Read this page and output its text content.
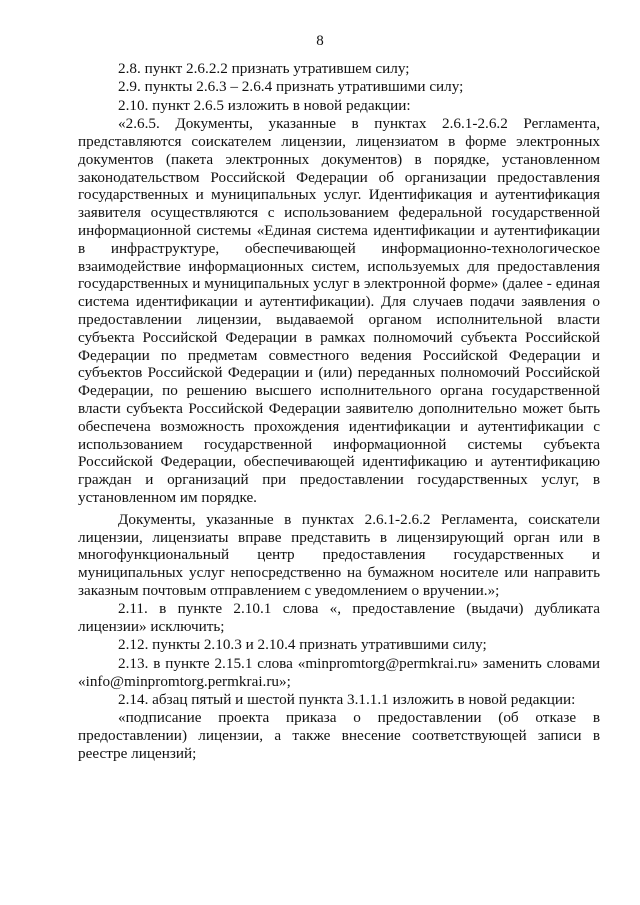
8

2.8. пункт 2.6.2.2 признать утратившем силу;

2.9. пункты 2.6.3 – 2.6.4 признать утратившими силу;

2.10. пункт 2.6.5 изложить в новой редакции:

«2.6.5. Документы, указанные в пунктах 2.6.1-2.6.2 Регламента, представляются соискателем лицензии, лицензиатом в форме электронных документов (пакета электронных документов) в порядке, установленном законодательством Российской Федерации об организации предоставления государственных и муниципальных услуг. Идентификация и аутентификация заявителя осуществляются с использованием федеральной государственной информационной системы «Единая система идентификации и аутентификации в инфраструктуре, обеспечивающей информационно-технологическое взаимодействие информационных систем, используемых для предоставления государственных и муниципальных услуг в электронной форме» (далее - единая система идентификации и аутентификации). Для случаев подачи заявления о предоставлении лицензии, выдаваемой органом исполнительной власти субъекта Российской Федерации в рамках полномочий субъекта Российской Федерации по предметам совместного ведения Российской Федерации и субъектов Российской Федерации и (или) переданных полномочий Российской Федерации, по решению высшего исполнительного органа государственной власти субъекта Российской Федерации заявителю дополнительно может быть обеспечена возможность прохождения идентификации и аутентификации с использованием государственной информационной системы субъекта Российской Федерации, обеспечивающей идентификацию и аутентификацию граждан и организаций при предоставлении государственных услуг, в установленном им порядке.

Документы, указанные в пунктах 2.6.1-2.6.2 Регламента, соискатели лицензии, лицензиаты вправе представить в лицензирующий орган или в многофункциональный центр предоставления государственных и муниципальных услуг непосредственно на бумажном носителе или направить заказным почтовым отправлением с уведомлением о вручении.»;

2.11. в пункте 2.10.1 слова «, предоставление (выдачи) дубликата лицензии» исключить;

2.12. пункты 2.10.3 и 2.10.4 признать утратившими силу;

2.13. в пункте 2.15.1 слова «minpromtorg@permkrai.ru» заменить словами «info@minpromtorg.permkrai.ru»;

2.14. абзац пятый и шестой пункта 3.1.1.1 изложить в новой редакции:

«подписание проекта приказа о предоставлении (об отказе в предоставлении) лицензии, а также внесение соответствующей записи в реестре лицензий;
